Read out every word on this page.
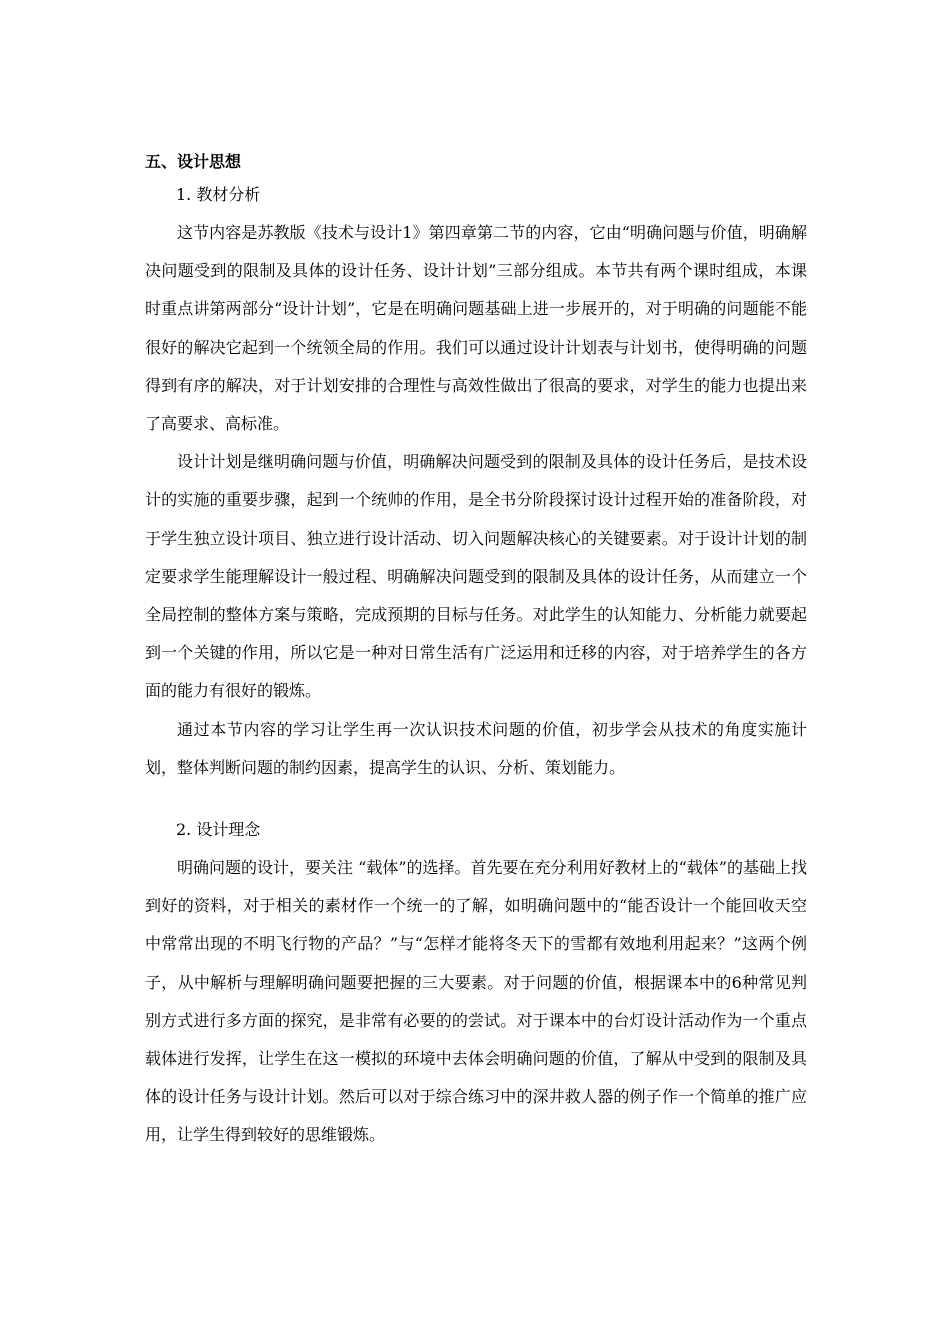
五、设计思想

1. 教材分析

这节内容是苏教版《技术与设计1》第四章第二节的内容，它由“明确问题与价值，明确解决问题受到的限制及具体的设计任务、设计计划”三部分组成。本节共有两个课时组成，本课时重点讲第两部分“设计计划”，它是在明确问题基础上进一步展开的，对于明确的问题能不能很好的解决它起到一个统领全局的作用。我们可以通过设计计划表与计划书，使得明确的问题得到有序的解决，对于计划安排的合理性与高效性做出了很高的要求，对学生的能力也提出来了高要求、高标准。

设计计划是继明确问题与价值，明确解决问题受到的限制及具体的设计任务后，是技术设计的实施的重要步骤，起到一个统帅的作用，是全书分阶段探讨设计过程开始的准备阶段，对于学生独立设计项目、独立进行设计活动、切入问题解决核心的关键要素。对于设计计划的制定要求学生能理解设计一般过程、明确解决问题受到的限制及具体的设计任务，从而建立一个全局控制的整体方案与策略，完成预期的目标与任务。对此学生的认知能力、分析能力就要起到一个关键的作用，所以它是一种对日常生活有广泛运用和迁移的内容，对于培养学生的各方面的能力有很好的锻炼。

通过本节内容的学习让学生再一次认识技术问题的价值，初步学会从技术的角度实施计划，整体判断问题的制约因素，提高学生的认识、分析、策划能力。

2. 设计理念

明确问题的设计，要关注 “载体”的选择。首先要在充分利用好教材上的“载体”的基础上找到好的资料，对于相关的素材作一个统一的了解，如明确问题中的“能否设计一个能回收天空中常常出现的不明飞行物的产品？”与“怎样才能将冬天下的雪都有效地利用起来？”这两个例子，从中解析与理解明确问题要把握的三大要素。对于问题的价值，根据课本中的6种常见判别方式进行多方面的探究，是非常有必要的的尝试。对于课本中的台灯设计活动作为一个重点载体进行发挥，让学生在这一模拟的环境中去体会明确问题的价值，了解从中受到的限制及具体的设计任务与设计计划。然后可以对于综合练习中的深井救人器的例子作一个简单的推广应用，让学生得到较好的思维锻炼。
